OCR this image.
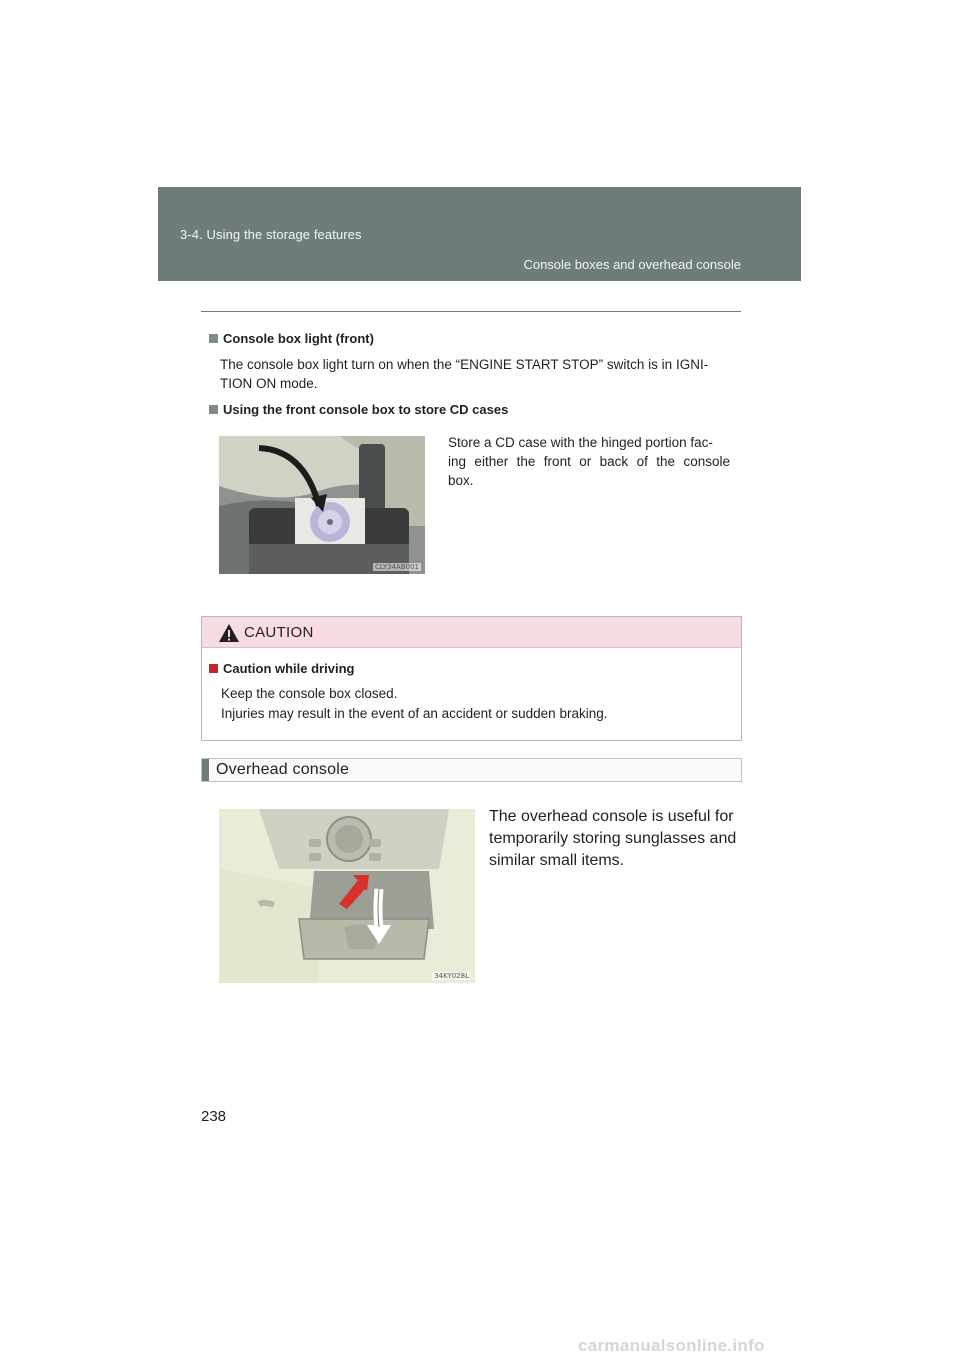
3-4. Using the storage features
Console boxes and overhead console
Console box light (front)
The console box light turn on when the “ENGINE START STOP” switch is in IGNI-
TION ON mode.
Using the front console box to store CD cases
CLY34AB001
Store a CD case with the hinged portion fac-
ing either the front or back of the console
box.
CAUTION
Caution while driving
Keep the console box closed.
Injuries may result in the event of an accident or sudden braking.
Overhead console
34KY028L
The overhead console is useful for
temporarily storing sunglasses and
similar small items.
238
carmanualsonline.info
